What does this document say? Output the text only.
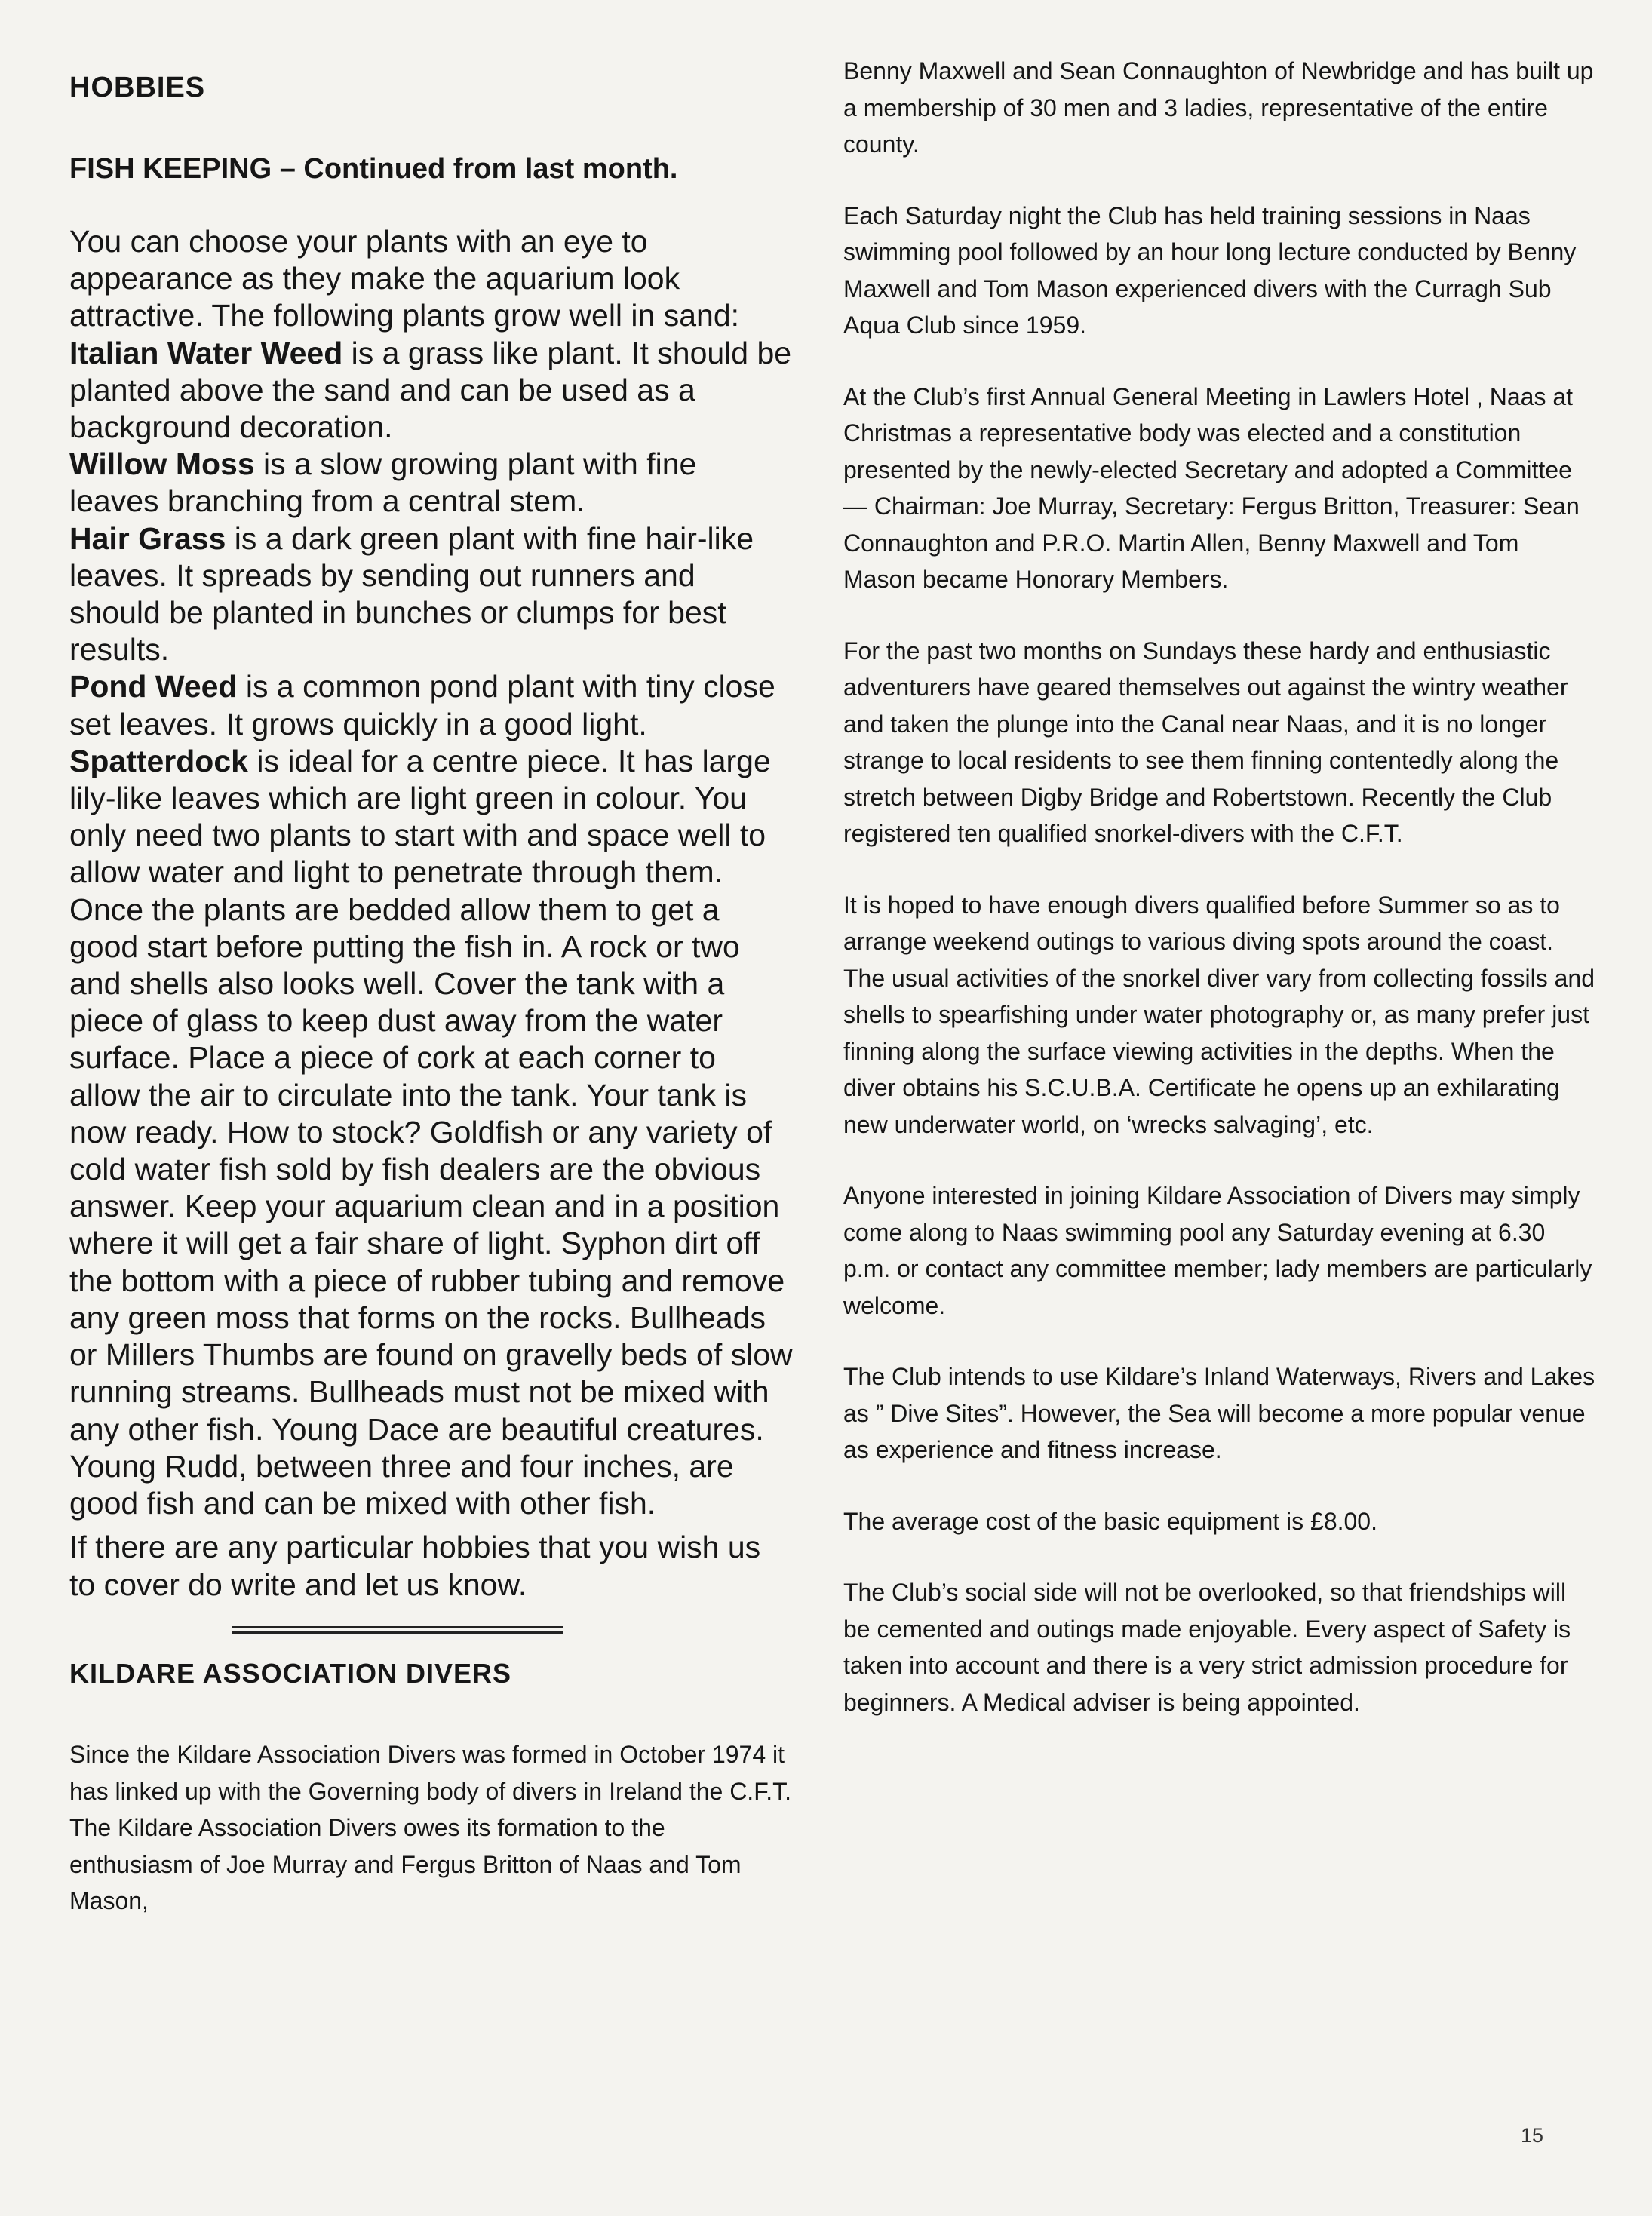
HOBBIES
FISH KEEPING – Continued from last month.

You can choose your plants with an eye to appearance as they make the aquarium look attractive. The following plants grow well in sand:
Italian Water Weed is a grass like plant. It should be planted above the sand and can be used as a background decoration.
Willow Moss is a slow growing plant with fine leaves branching from a central stem.
Hair Grass is a dark green plant with fine hair-like leaves. It spreads by sending out runners and should be planted in bunches or clumps for best results.
Pond Weed is a common pond plant with tiny close set leaves. It grows quickly in a good light.
Spatterdock is ideal for a centre piece. It has large lily-like leaves which are light green in colour. You only need two plants to start with and space well to allow water and light to penetrate through them. Once the plants are bedded allow them to get a good start before putting the fish in. A rock or two and shells also looks well. Cover the tank with a piece of glass to keep dust away from the water surface. Place a piece of cork at each corner to allow the air to circulate into the tank. Your tank is now ready. How to stock? Goldfish or any variety of cold water fish sold by fish dealers are the obvious answer. Keep your aquarium clean and in a position where it will get a fair share of light. Syphon dirt off the bottom with a piece of rubber tubing and remove any green moss that forms on the rocks. Bullheads or Millers Thumbs are found on gravelly beds of slow running streams. Bullheads must not be mixed with any other fish. Young Dace are beautiful creatures. Young Rudd, between three and four inches, are good fish and can be mixed with other fish.

If there are any particular hobbies that you wish us to cover do write and let us know.

KILDARE ASSOCIATION DIVERS

Since the Kildare Association Divers was formed in October 1974 it has linked up with the Governing body of divers in Ireland the C.F.T. The Kildare Association Divers owes its formation to the enthusiasm of Joe Murray and Fergus Britton of Naas and Tom Mason,

Benny Maxwell and Sean Connaughton of Newbridge and has built up a membership of 30 men and 3 ladies, representative of the entire county.

Each Saturday night the Club has held training sessions in Naas swimming pool followed by an hour long lecture conducted by Benny Maxwell and Tom Mason experienced divers with the Curragh Sub Aqua Club since 1959.

At the Club’s first Annual General Meeting in Lawlers Hotel , Naas at Christmas a representative body was elected and a constitution presented by the newly-elected Secretary and adopted a Committee — Chairman: Joe Murray, Secretary: Fergus Britton, Treasurer: Sean Connaughton and P.R.O. Martin Allen, Benny Maxwell and Tom Mason became Honorary Members.

For the past two months on Sundays these hardy and enthusiastic adventurers have geared themselves out against the wintry weather and taken the plunge into the Canal near Naas, and it is no longer strange to local residents to see them finning contentedly along the stretch between Digby Bridge and Robertstown. Recently the Club registered ten qualified snorkel-divers with the C.F.T.

It is hoped to have enough divers qualified before Summer so as to arrange weekend outings to various diving spots around the coast. The usual activities of the snorkel diver vary from collecting fossils and shells to spearfishing under water photography or, as many prefer just finning along the surface viewing activities in the depths. When the diver obtains his S.C.U.B.A. Certificate he opens up an exhilarating new underwater world, on ‘wrecks salvaging’, etc.

Anyone interested in joining Kildare Association of Divers may simply come along to Naas swimming pool any Saturday evening at 6.30 p.m. or contact any committee member; lady members are particularly welcome.

The Club intends to use Kildare’s Inland Waterways, Rivers and Lakes as ” Dive Sites”. However, the Sea will become a more popular venue as experience and fitness increase.

The average cost of the basic equipment is £8.00.

The Club’s social side will not be overlooked, so that friendships will be cemented and outings made enjoyable. Every aspect of Safety is taken into account and there is a very strict admission procedure for beginners. A Medical adviser is being appointed.

15
